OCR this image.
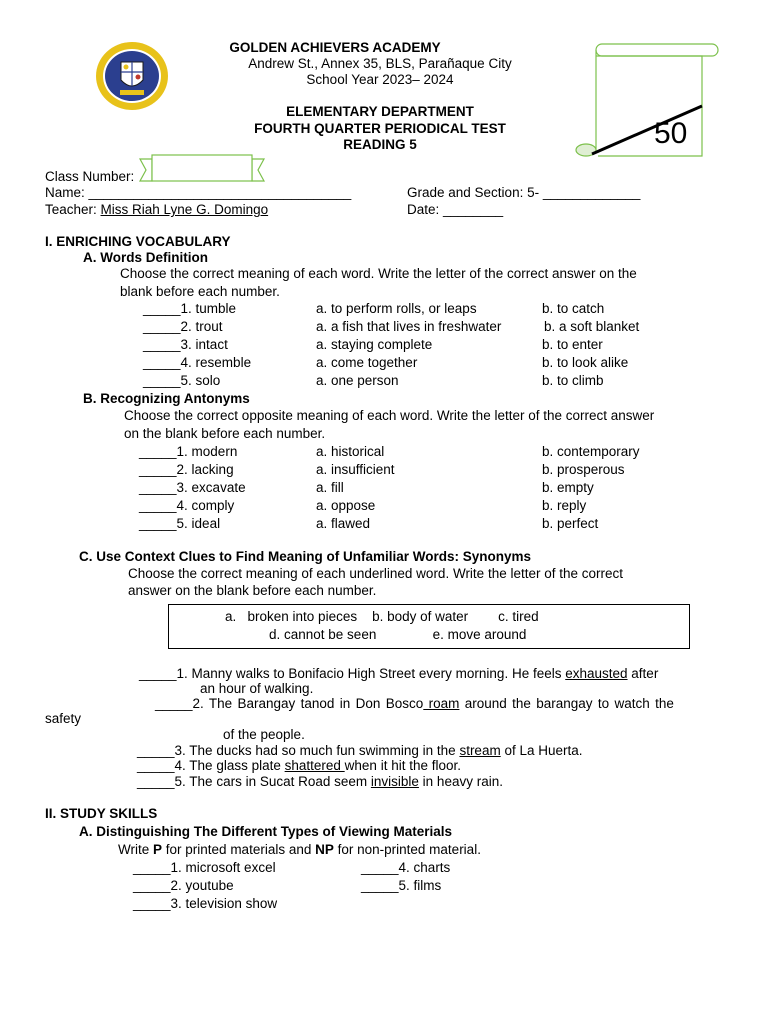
GOLDEN ACHIEVERS ACADEMY
Andrew St., Annex 35, BLS, Parañaque City
School Year 2023– 2024
ELEMENTARY DEPARTMENT
FOURTH QUARTER PERIODICAL TEST
READING 5	50
Class Number:
Name: ___________________________________	Grade and Section: 5- _____________
Teacher: Miss Riah Lyne G. Domingo	Date: ________
I. ENRICHING VOCABULARY
A. Words Definition
Choose the correct meaning of each word. Write the letter of the correct answer on the
blank before each number.
_____1. tumble	a. to perform rolls, or leaps	b. to catch
_____2. trout	a. a fish that lives in freshwater	b. a soft blanket
_____3. intact	a. staying complete	b. to enter
_____4. resemble	a. come together	b. to look alike
_____5. solo	a. one person	b. to climb
B. Recognizing Antonyms
Choose the correct opposite meaning of each word. Write the letter of the correct answer
on the blank before each number.
_____1. modern	a. historical	b. contemporary
_____2. lacking	a. insufficient	b. prosperous
_____3. excavate	a. fill	b. empty
_____4. comply	a. oppose	b. reply
_____5. ideal	a. flawed	b. perfect
C. Use Context Clues to Find Meaning of Unfamiliar Words: Synonyms
Choose the correct meaning of each underlined word. Write the letter of the correct
answer on the blank before each number.
a.   broken into pieces    b. body of water        c. tired
d. cannot be seen               e. move around
_____1. Manny walks to Bonifacio High Street every morning. He feels exhausted after
an hour of walking.
_____2. The Barangay tanod in Don Bosco roam around the barangay to watch the
safety
of the people.
_____3. The ducks had so much fun swimming in the stream of La Huerta.
_____4. The glass plate shattered when it hit the floor.
_____5. The cars in Sucat Road seem invisible in heavy rain.
II. STUDY SKILLS
A. Distinguishing The Different Types of Viewing Materials
Write P for printed materials and NP for non-printed material.
_____1. microsoft excel
_____2. youtube
_____3. television show
_____4. charts
_____5. films
